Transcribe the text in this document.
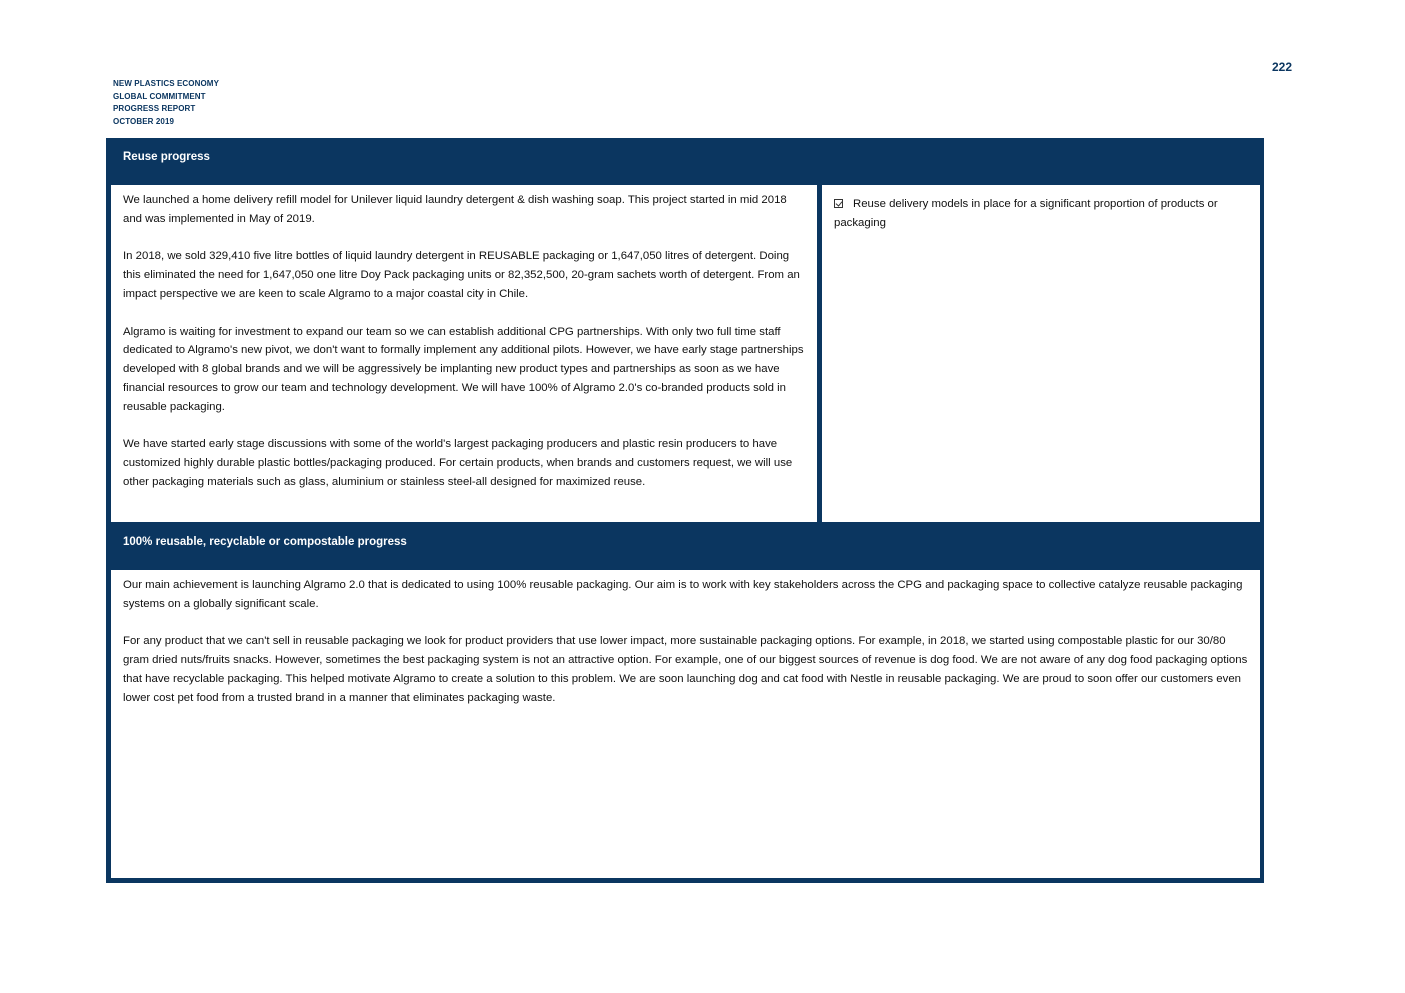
222
NEW PLASTICS ECONOMY
GLOBAL COMMITMENT
PROGRESS REPORT
OCTOBER 2019
Reuse progress

We launched a home delivery refill model for Unilever liquid laundry detergent & dish washing soap. This project started in mid 2018 and was implemented in May of 2019.

In 2018, we sold 329,410 five litre bottles of liquid laundry detergent in REUSABLE packaging or 1,647,050 litres of detergent. Doing this eliminated the need for 1,647,050 one litre Doy Pack packaging units or 82,352,500, 20-gram sachets worth of detergent. From an impact perspective we are keen to scale Algramo to a major coastal city in Chile.

Algramo is waiting for investment to expand our team so we can establish additional CPG partnerships. With only two full time staff dedicated to Algramo's new pivot, we don't want to formally implement any additional pilots. However, we have early stage partnerships developed with 8 global brands and we will be aggressively be implanting new product types and partnerships as soon as we have financial resources to grow our team and technology development. We will have 100% of Algramo 2.0's co-branded products sold in reusable packaging.

We have started early stage discussions with some of the world's largest packaging producers and plastic resin producers to have customized highly durable plastic bottles/packaging produced. For certain products, when brands and customers request, we will use other packaging materials such as glass, aluminium or stainless steel-all designed for maximized reuse.

Reuse delivery models in place for a significant proportion of products or packaging
100% reusable, recyclable or compostable progress

Our main achievement is launching Algramo 2.0 that is dedicated to using 100% reusable packaging. Our aim is to work with key stakeholders across the CPG and packaging space to collective catalyze reusable packaging systems on a globally significant scale.

For any product that we can't sell in reusable packaging we look for product providers that use lower impact, more sustainable packaging options. For example, in 2018, we started using compostable plastic for our 30/80 gram dried nuts/fruits snacks. However, sometimes the best packaging system is not an attractive option. For example, one of our biggest sources of revenue is dog food. We are not aware of any dog food packaging options that have recyclable packaging. This helped motivate Algramo to create a solution to this problem. We are soon launching dog and cat food with Nestle in reusable packaging. We are proud to soon offer our customers even lower cost pet food from a trusted brand in a manner that eliminates packaging waste.
